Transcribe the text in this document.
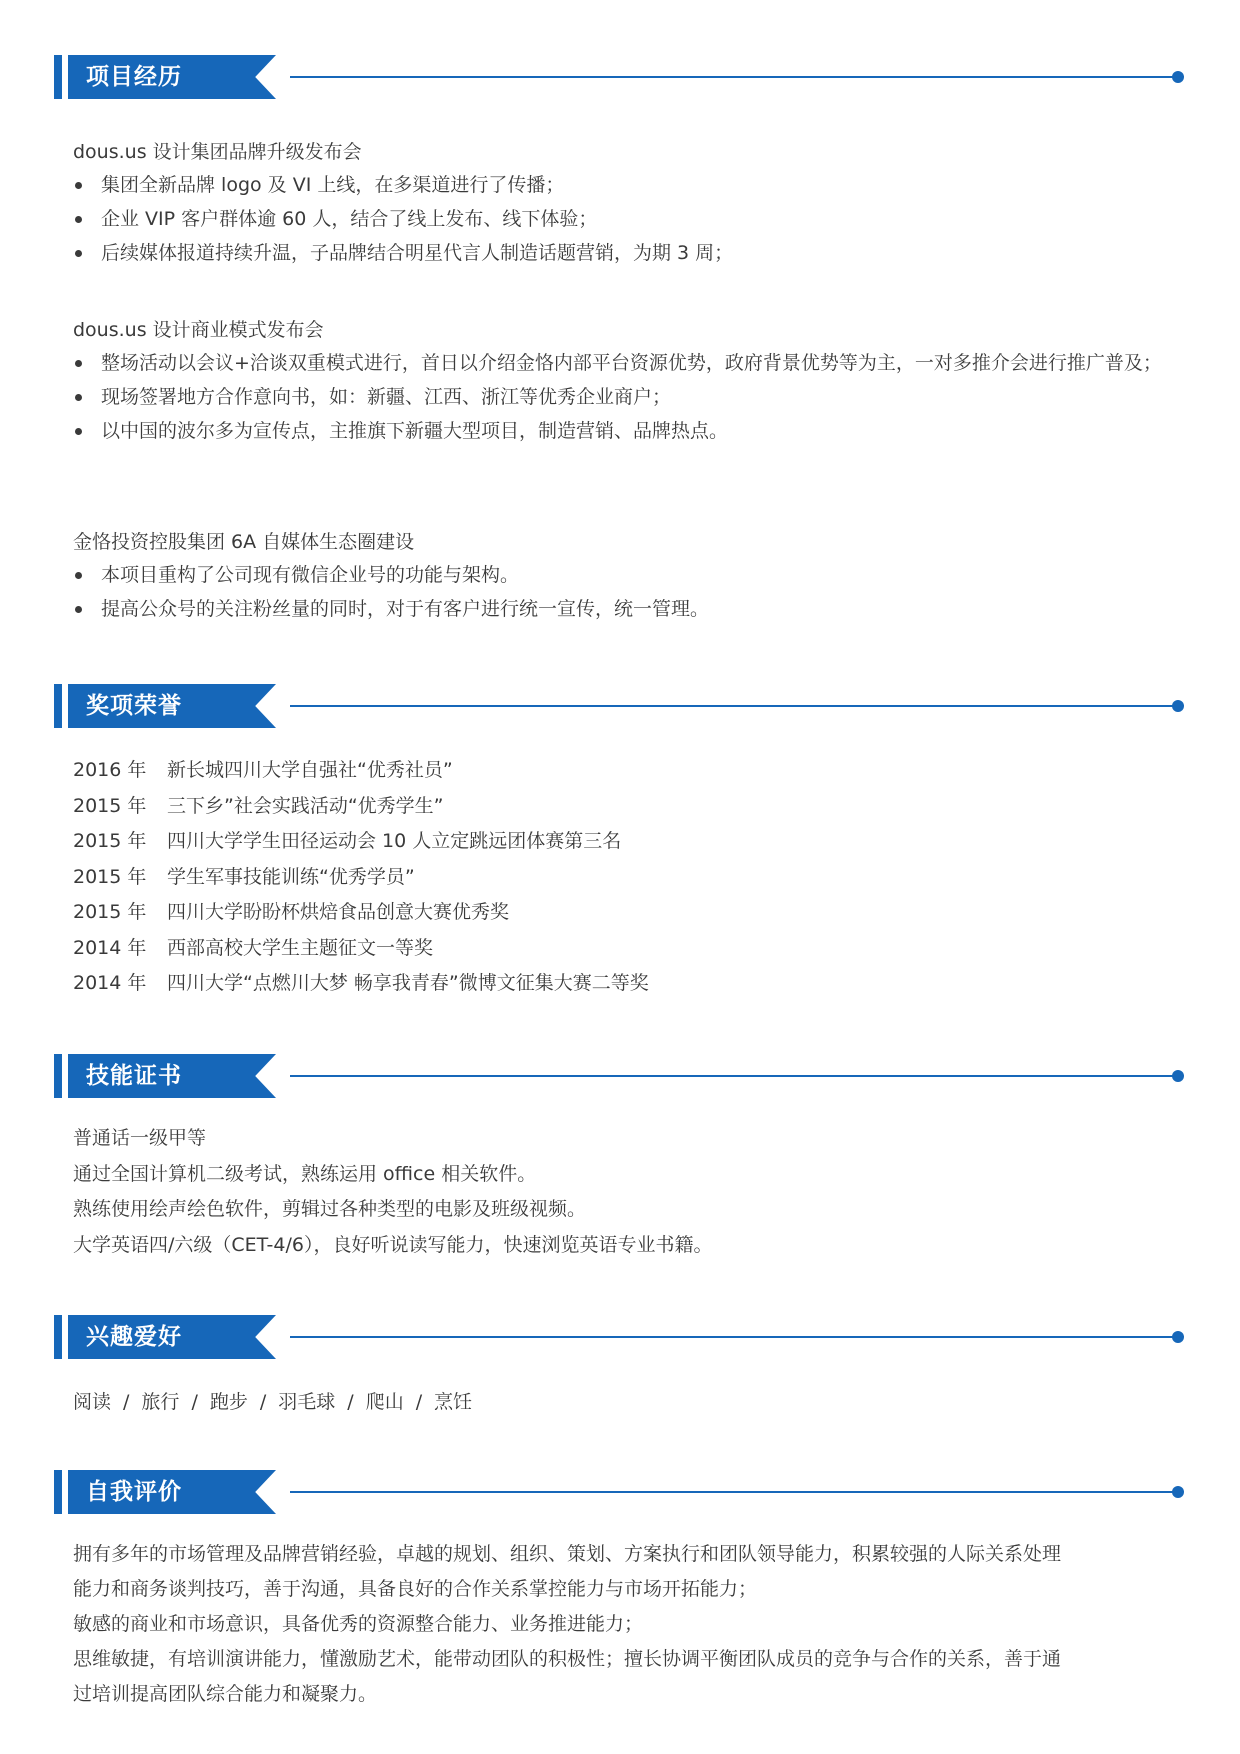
项目经历
dous.us 设计集团品牌升级发布会
集团全新品牌 logo 及 VI 上线，在多渠道进行了传播；
企业 VIP 客户群体逾 60 人，结合了线上发布、线下体验；
后续媒体报道持续升温，子品牌结合明星代言人制造话题营销，为期 3 周；
dous.us 设计商业模式发布会
整场活动以会议+洽谈双重模式进行，首日以介绍金恪内部平台资源优势，政府背景优势等为主，一对多推介会进行推广普及；
现场签署地方合作意向书，如：新疆、江西、浙江等优秀企业商户；
以中国的波尔多为宣传点，主推旗下新疆大型项目，制造营销、品牌热点。
金恪投资控股集团 6A 自媒体生态圈建设
本项目重构了公司现有微信企业号的功能与架构。
提高公众号的关注粉丝量的同时，对于有客户进行统一宣传，统一管理。
奖项荣誉
2016 年 新长城四川大学自强社“优秀社员”
2015 年 三下乡”社会实践活动“优秀学生”
2015 年 四川大学学生田径运动会 10 人立定跳远团体赛第三名
2015 年 学生军事技能训练“优秀学员”
2015 年 四川大学盼盼杯烘焙食品创意大赛优秀奖
2014 年 西部高校大学生主题征文一等奖
2014 年 四川大学“点燃川大梦 畅享我青春”微博文征集大赛二等奖
技能证书
普通话一级甲等
通过全国计算机二级考试，熟练运用 office 相关软件。
熟练使用绘声绘色软件，剪辑过各种类型的电影及班级视频。
大学英语四/六级（CET-4/6），良好听说读写能力，快速浏览英语专业书籍。
兴趣爱好
阅读 / 旅行 / 跑步 / 羽毛球 / 爬山 / 烹饪
自我评价
拥有多年的市场管理及品牌营销经验，卓越的规划、组织、策划、方案执行和团队领导能力，积累较强的人际关系处理
能力和商务谈判技巧，善于沟通，具备良好的合作关系掌控能力与市场开拓能力；
敏感的商业和市场意识，具备优秀的资源整合能力、业务推进能力；
思维敏捷，有培训演讲能力，懂激励艺术，能带动团队的积极性；擅长协调平衡团队成员的竞争与合作的关系，善于通
过培训提高团队综合能力和凝聚力。
